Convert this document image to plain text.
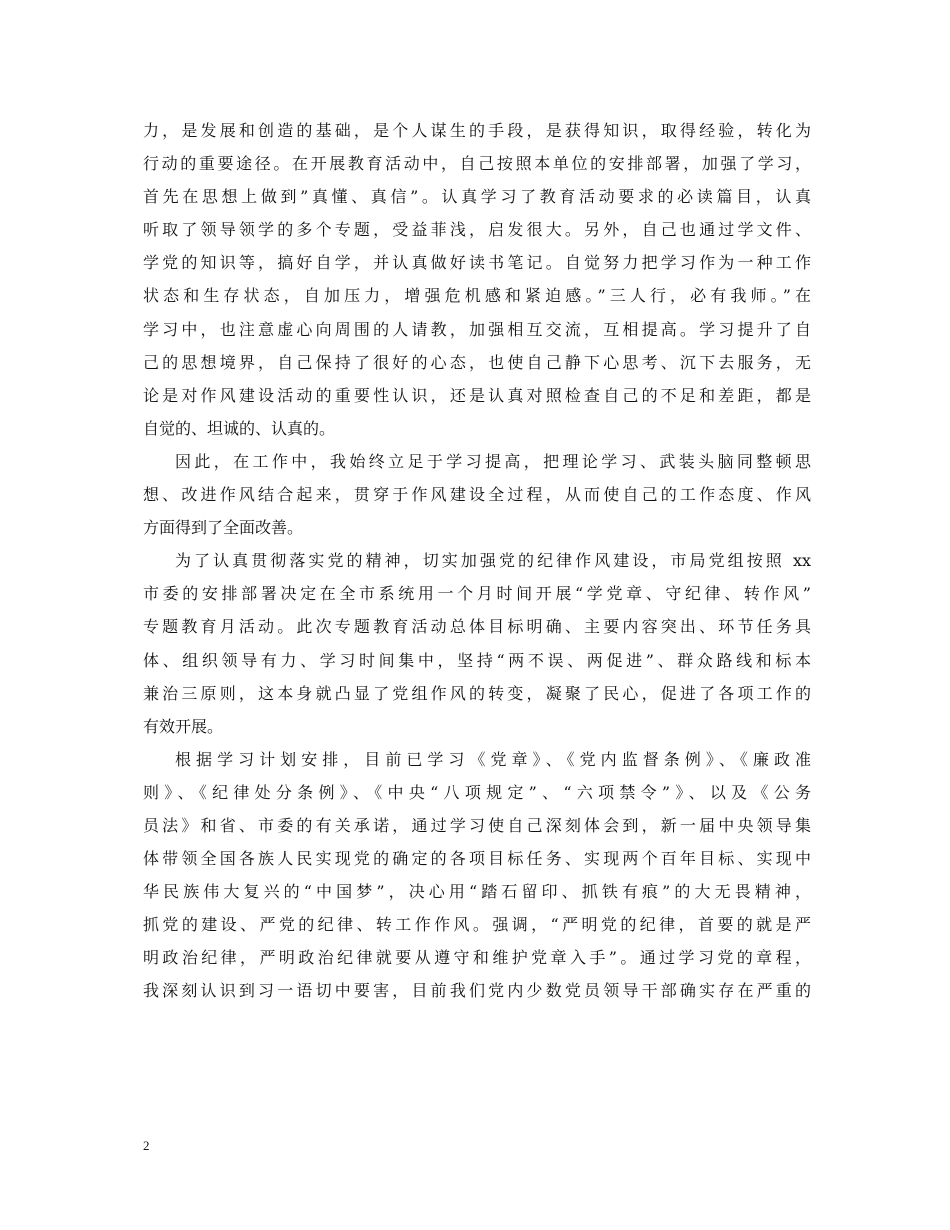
力，是发展和创造的基础，是个人谋生的手段，是获得知识，取得经验，转化为
行动的重要途径。在开展教育活动中，自己按照本单位的安排部署，加强了学习，
首先在思想上做到”真懂、真信”。认真学习了教育活动要求的必读篇目，认真
听取了领导领学的多个专题，受益菲浅，启发很大。另外，自己也通过学文件、
学党的知识等，搞好自学，并认真做好读书笔记。自觉努力把学习作为一种工作
状态和生存状态，自加压力，增强危机感和紧迫感。”三人行，必有我师。”在
学习中，也注意虚心向周围的人请教，加强相互交流，互相提高。学习提升了自
己的思想境界，自己保持了很好的心态，也使自己静下心思考、沉下去服务，无
论是对作风建设活动的重要性认识，还是认真对照检查自己的不足和差距，都是
自觉的、坦诚的、认真的。
因此，在工作中，我始终立足于学习提高，把理论学习、武装头脑同整顿思
想、改进作风结合起来，贯穿于作风建设全过程，从而使自己的工作态度、作风
方面得到了全面改善。
为了认真贯彻落实党的精神，切实加强党的纪律作风建设，市局党组按照 xx
市委的安排部署决定在全市系统用一个月时间开展“学党章、守纪律、转作风”
专题教育月活动。此次专题教育活动总体目标明确、主要内容突出、环节任务具
体、组织领导有力、学习时间集中，坚持“两不误、两促进”、群众路线和标本
兼治三原则，这本身就凸显了党组作风的转变，凝聚了民心，促进了各项工作的
有效开展。
根据学习计划安排，目前已学习《党章》、《党内监督条例》、《廉政准
则》、《纪律处分条例》、《中央“八项规定”、“六项禁令”》、以及《公务
员法》和省、市委的有关承诺，通过学习使自己深刻体会到，新一届中央领导集
体带领全国各族人民实现党的确定的各项目标任务、实现两个百年目标、实现中
华民族伟大复兴的“中国梦”，决心用“踏石留印、抓铁有痕”的大无畏精神，
抓党的建设、严党的纪律、转工作作风。强调，“严明党的纪律，首要的就是严
明政治纪律，严明政治纪律就要从遵守和维护党章入手”。通过学习党的章程，
我深刻认识到习一语切中要害，目前我们党内少数党员领导干部确实存在严重的
2
